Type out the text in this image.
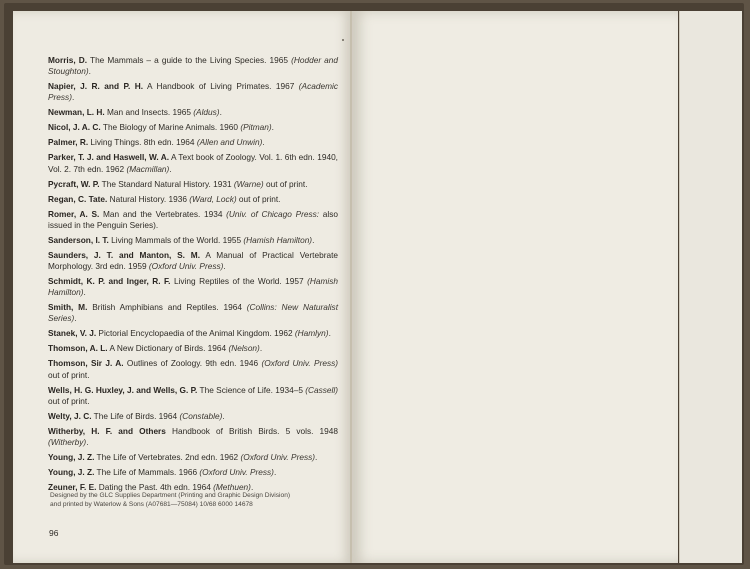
Morris, D. The Mammals – a guide to the Living Species. 1965 (Hodder and Stoughton).
Napier, J. R. and P. H. A Handbook of Living Primates. 1967 (Academic Press).
Newman, L. H. Man and Insects. 1965 (Aldus).
Nicol, J. A. C. The Biology of Marine Animals. 1960 (Pitman).
Palmer, R. Living Things. 8th edn. 1964 (Allen and Unwin).
Parker, T. J. and Haswell, W. A. A Text book of Zoology. Vol. 1. 6th edn. 1940, Vol. 2. 7th edn. 1962 (Macmillan).
Pycraft, W. P. The Standard Natural History. 1931 (Warne) out of print.
Regan, C. Tate. Natural History. 1936 (Ward, Lock) out of print.
Romer, A. S. Man and the Vertebrates. 1934 (Univ. of Chicago Press: also issued in the Penguin Series).
Sanderson, I. T. Living Mammals of the World. 1955 (Hamish Hamilton).
Saunders, J. T. and Manton, S. M. A Manual of Practical Vertebrate Morphology. 3rd edn. 1959 (Oxford Univ. Press).
Schmidt, K. P. and Inger, R. F. Living Reptiles of the World. 1957 (Hamish Hamilton).
Smith, M. British Amphibians and Reptiles. 1964 (Collins: New Naturalist Series).
Stanek, V. J. Pictorial Encyclopaedia of the Animal Kingdom. 1962 (Hamlyn).
Thomson, A. L. A New Dictionary of Birds. 1964 (Nelson).
Thomson, Sir J. A. Outlines of Zoology. 9th edn. 1946 (Oxford Univ. Press) out of print.
Wells, H. G. Huxley, J. and Wells, G. P. The Science of Life. 1934–5 (Cassell) out of print.
Welty, J. C. The Life of Birds. 1964 (Constable).
Witherby, H. F. and Others Handbook of British Birds. 5 vols. 1948 (Witherby).
Young, J. Z. The Life of Vertebrates. 2nd edn. 1962 (Oxford Univ. Press).
Young, J. Z. The Life of Mammals. 1966 (Oxford Univ. Press).
Zeuner, F. E. Dating the Past. 4th edn. 1964 (Methuen).
Designed by the GLC Supplies Department (Printing and Graphic Design Division)
and printed by Waterlow & Sons (A07681—75084) 10/68 6000 14678
96
